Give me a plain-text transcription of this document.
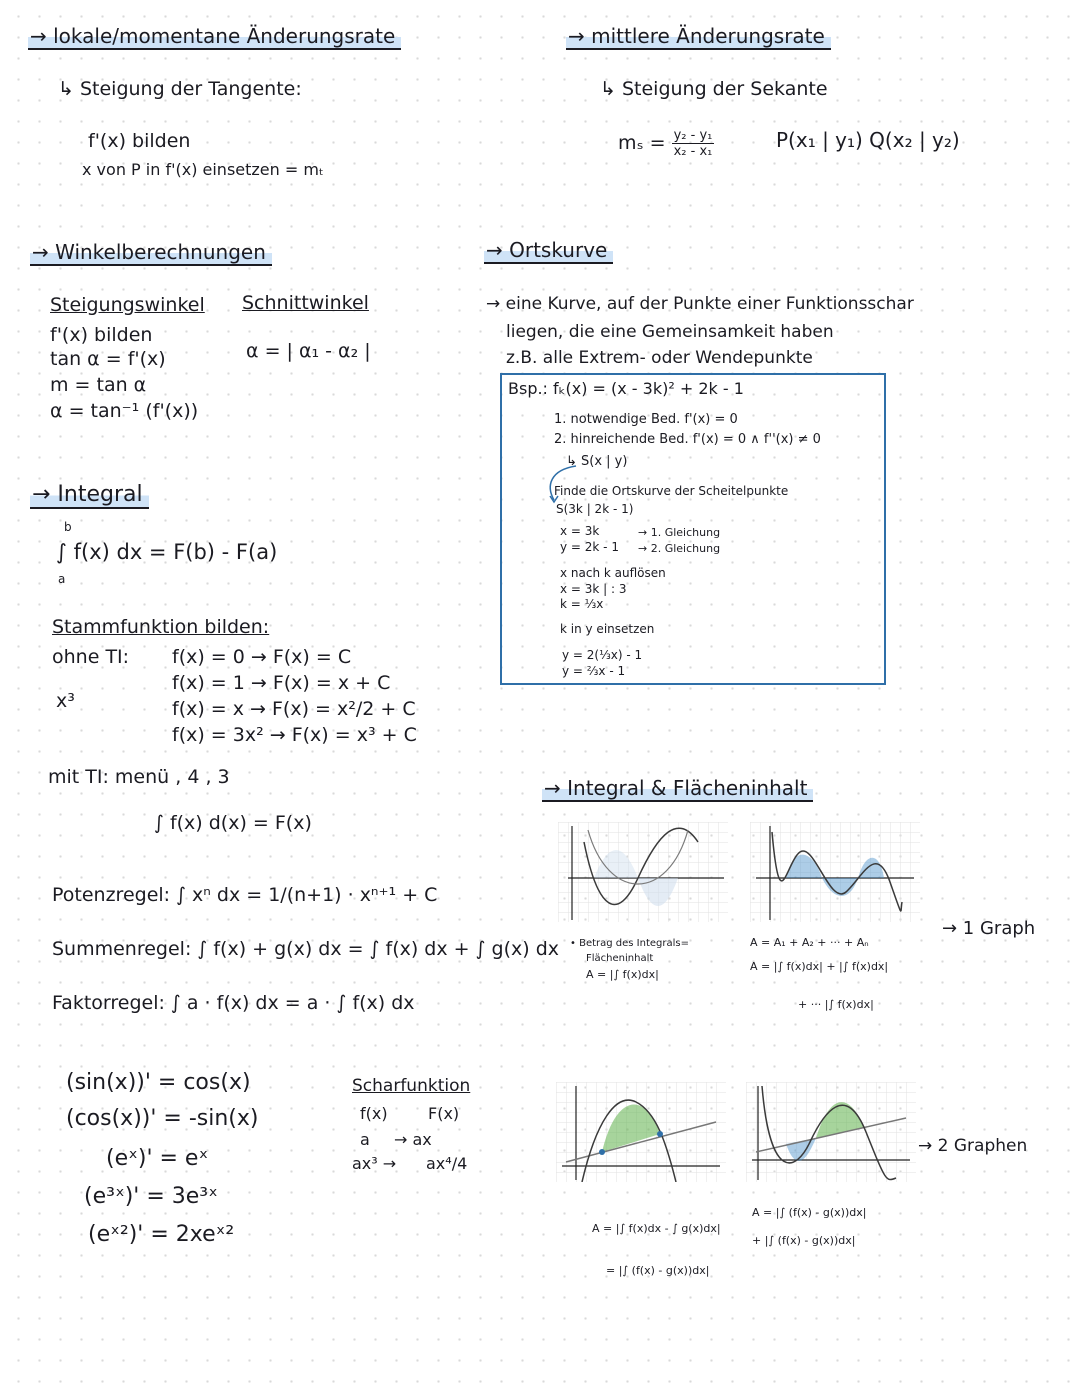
→ lokale/momentane Änderungsrate
↳ Steigung der Tangente:
f'(x) bilden
x von P in f'(x) einsetzen = mₜ
→ Winkelberechnungen
Steigungswinkel Schnittwinkel
f'(x) bilden
tan α = f'(x)
m = tan α
α = tan⁻¹ (f'(x))
α = | α₁ - α₂ |
→ Integral
b
∫ f(x) dx = F(b) - F(a)
a
Stammfunktion bilden:
ohne TI: f(x) = 0 → F(x) = C
f(x) = 1 → F(x) = x + C
f(x) = x → F(x) = x²/2 + C
f(x) = 3x² → F(x) = x³ + C
x³
mit TI: menü , 4 , 3
∫ f(x) d(x) = F(x)
Potenzregel: ∫ xⁿ dx = 1/(n+1) · xⁿ⁺¹ + C
Summenregel: ∫ f(x) + g(x) dx = ∫ f(x) dx + ∫ g(x) dx
Faktorregel: ∫ a · f(x) dx = a · ∫ f(x) dx
(sin(x))' = cos(x)
(cos(x))' = -sin(x)
(eˣ)' = eˣ
(e³ˣ)' = 3e³ˣ
(eˣ²)' = 2xeˣ²
→ mittlere Änderungsrate
↳ Steigung der Sekante
$m_s = \frac{\text{y₂ - y₁}}{\text{x₂ - x₁}}$	P(x₁ | y₁) Q(x₂ | y₂)
→ Ortskurve
→ eine Kurve, auf der Punkte einer Funktionsschar
liegen, die eine Gemeinsamkeit haben
z.B. alle Extrem- oder Wendepunkte
Bsp.: fₖ(x) = (x - 3k)² + 2k - 1
1. notwendige Bed. f'(x) = 0
2. hinreichende Bed. f'(x) = 0 ∧ f''(x) ≠ 0
↳ S(x | y)
Finde die Ortskurve der Scheitelpunkte
S(3k | 2k - 1)
x = 3k	→ 1. Gleichung
y = 2k - 1 → 2. Gleichung
x nach k auflösen
x = 3k | : 3
k = ⅓x
k in y einsetzen
y = 2(⅓x) - 1
y = ⅔x - 1
→ Integral & Flächeninhalt
• Betrag des Integrals=
Flächeninhalt
A = |∫ f(x)dx|
A = A₁ + A₂ + ··· + Aₙ
A = |∫ f(x)dx| + |∫ f(x)dx|
+ ··· |∫ f(x)dx|
→ 1 Graph
Scharfunktion
f(x)	F(x)
a → ax
ax³ → ax⁴/4
→ 2 Graphen
A = |∫ f(x)dx - ∫ g(x)dx|
= |∫ (f(x) - g(x))dx|
A = |∫ (f(x) - g(x))dx|
+ |∫ (f(x) - g(x))dx|
